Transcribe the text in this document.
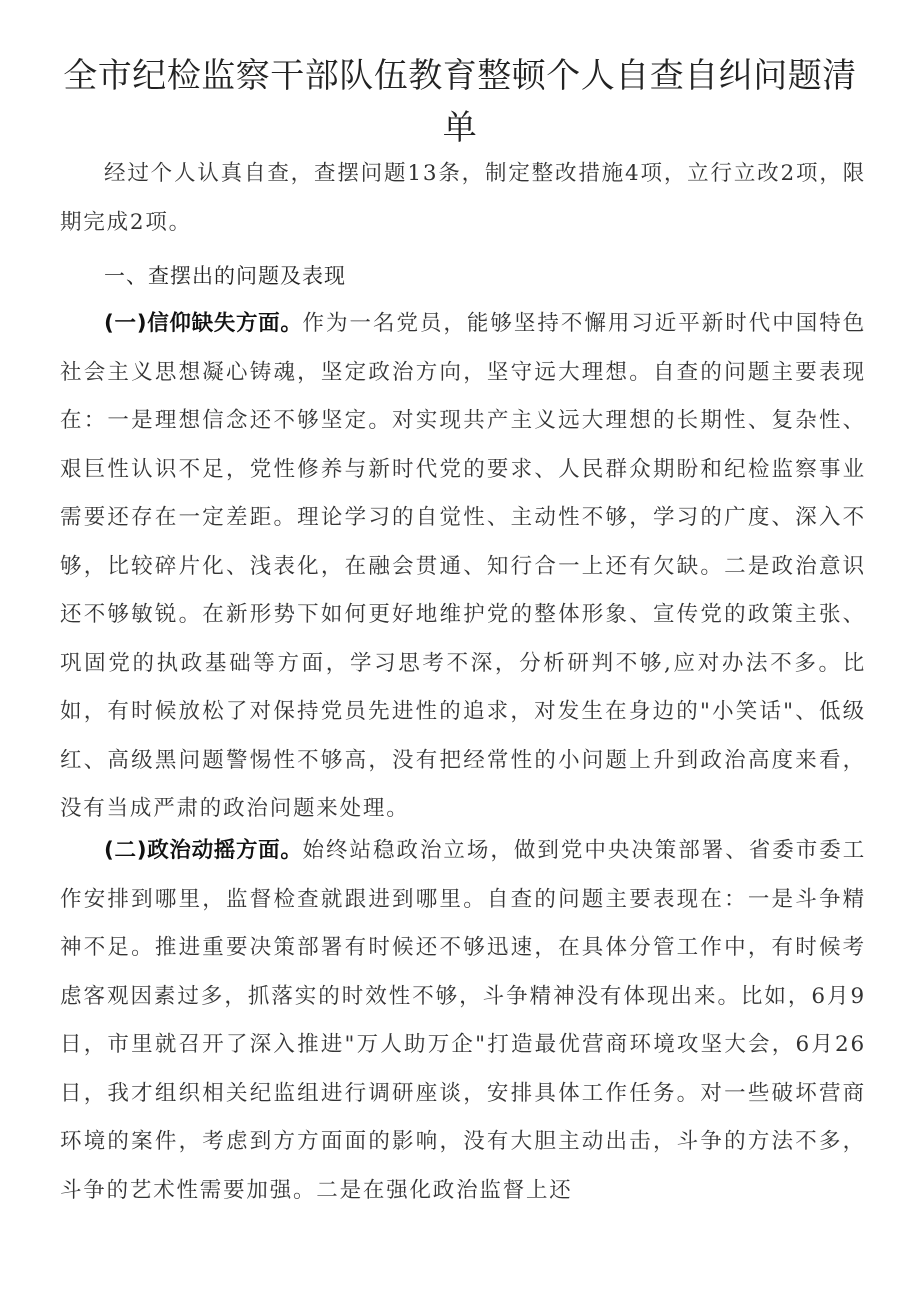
全市纪检监察干部队伍教育整顿个人自查自纠问题清单

经过个人认真自查，查摆问题13条，制定整改措施4项，立行立改2项，限期完成2项。

一、查摆出的问题及表现

(一)信仰缺失方面。作为一名党员，能够坚持不懈用习近平新时代中国特色社会主义思想凝心铸魂，坚定政治方向，坚守远大理想。自查的问题主要表现在：一是理想信念还不够坚定。对实现共产主义远大理想的长期性、复杂性、艰巨性认识不足，党性修养与新时代党的要求、人民群众期盼和纪检监察事业需要还存在一定差距。理论学习的自觉性、主动性不够，学习的广度、深入不够，比较碎片化、浅表化，在融会贯通、知行合一上还有欠缺。二是政治意识还不够敏锐。在新形势下如何更好地维护党的整体形象、宣传党的政策主张、巩固党的执政基础等方面，学习思考不深，分析研判不够,应对办法不多。比如，有时候放松了对保持党员先进性的追求，对发生在身边的"小笑话"、低级红、高级黑问题警惕性不够高，没有把经常性的小问题上升到政治高度来看，没有当成严肃的政治问题来处理。

(二)政治动摇方面。始终站稳政治立场，做到党中央决策部署、省委市委工作安排到哪里，监督检查就跟进到哪里。自查的问题主要表现在：一是斗争精神不足。推进重要决策部署有时候还不够迅速，在具体分管工作中，有时候考虑客观因素过多，抓落实的时效性不够，斗争精神没有体现出来。比如，6月9日，市里就召开了深入推进"万人助万企"打造最优营商环境攻坚大会，6月26日，我才组织相关纪监组进行调研座谈，安排具体工作任务。对一些破坏营商环境的案件，考虑到方方面面的影响，没有大胆主动出击，斗争的方法不多，斗争的艺术性需要加强。二是在强化政治监督上还
